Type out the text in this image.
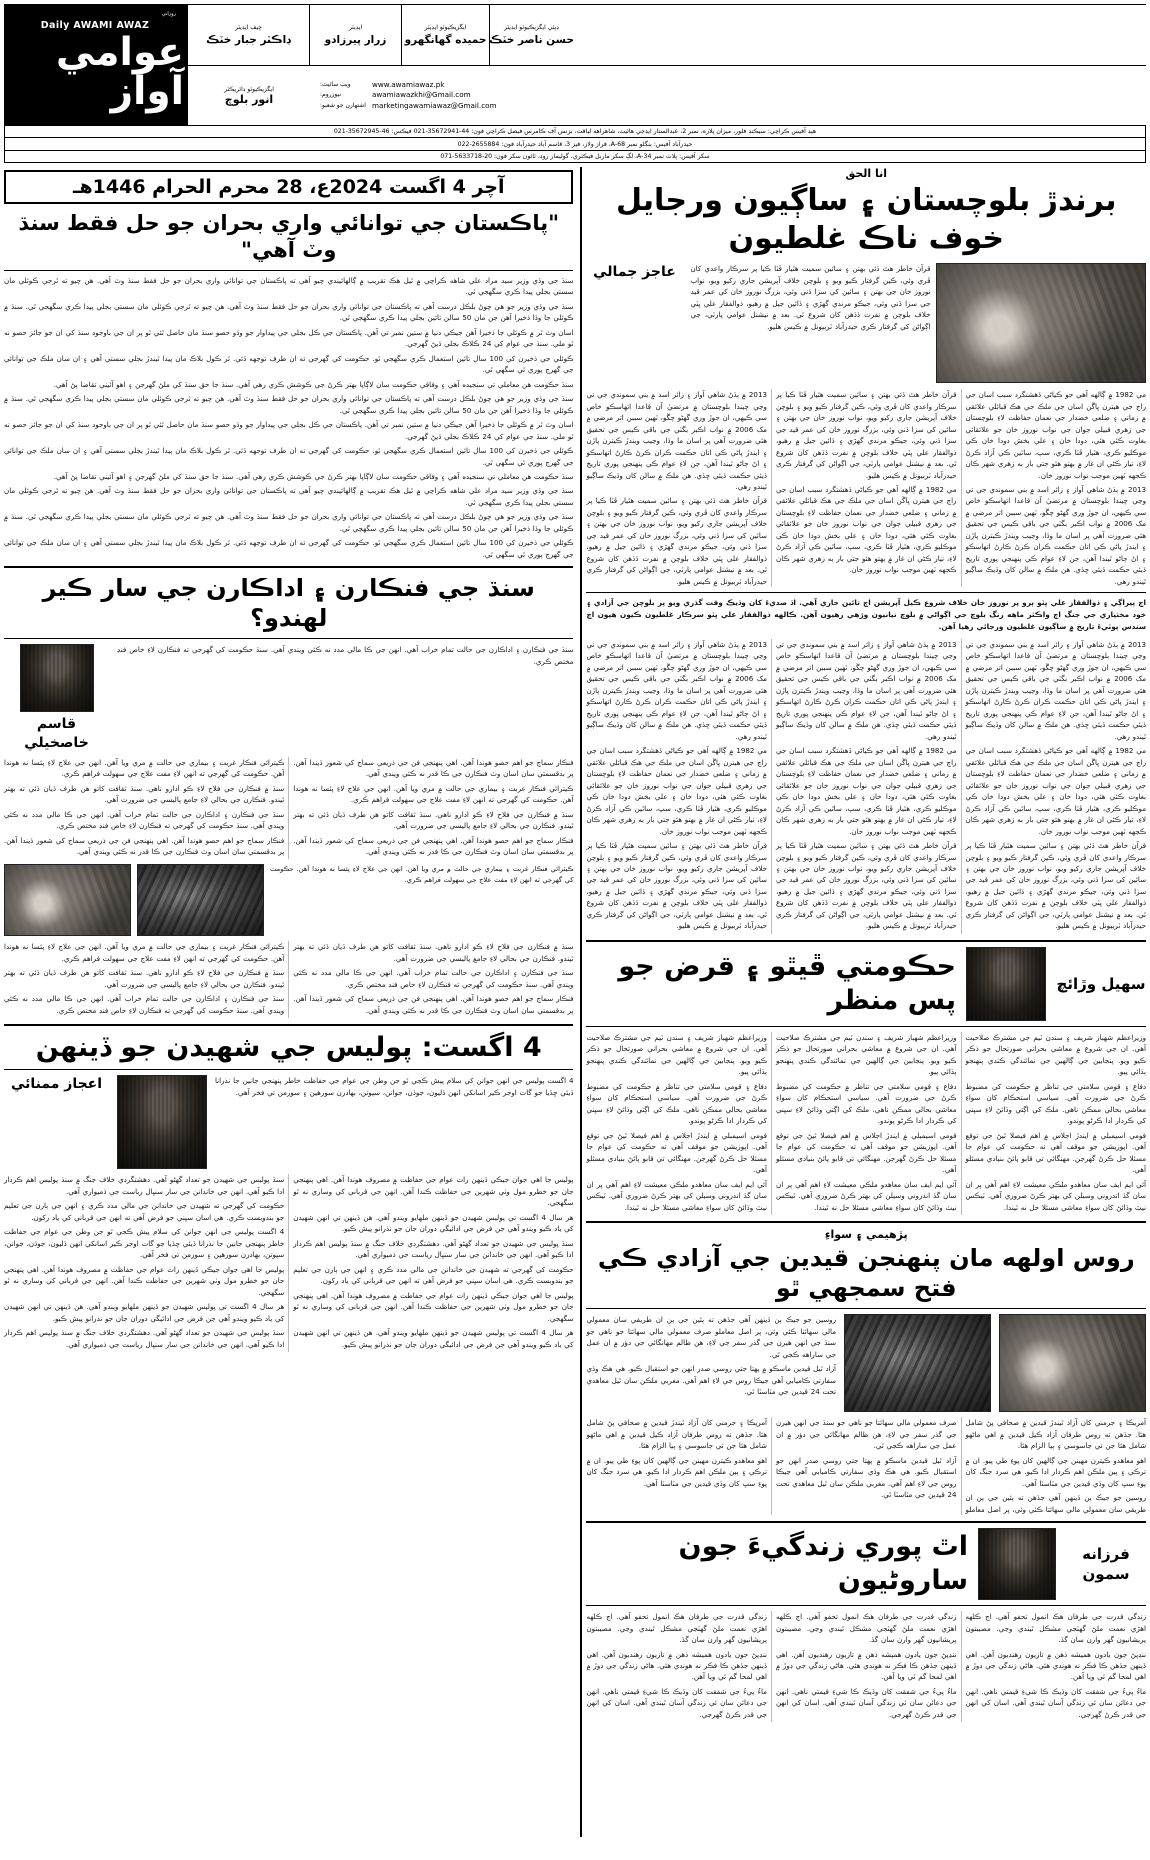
روزاني
Daily AWAMI AWAZ
عوامي آواز
چيف ايڊيٽر
ڊاڪٽر جبار خٽڪ
ايڊيٽر
زرار پيرزادو
ايگزيڪيوٽو ايڊيٽر
حميده گهانگهرو
ڊپٽي ايگزيڪيوٽو ايڊيٽر
حسن ناصر خٽڪ
ايگزيڪيوٽو ڊائريڪٽر
انور بلوچ
ويب سائيٽ:	www.awamiawaz.pk
نيوزروم:	awamiawazkhi@Gmail.com
اشتهارن جو شعبو: marketingawamiawaz@Gmail.com
هيڊ آفيس ڪراچي: سيڪنڊ فلور، ميزان پلازه، نمبر 2، عبدالستار ايڊجي هائيٽ، شاهراهه لياقت، بزنس آف ڪامرس فيصل ڪراچي فون: 44-35672941-021 فيڪس: 46-35672945-021
حيدرآباد آفيس: بنگلو نمبر 68-A، فراز ولاز، فيز 3، قاسم آباد حيدرآباد فون: 2655884-022
سکر آفيس: پلاٽ نمبر 34-A، لڳ سکر ماربل فيڪٽري، گوليمار روڊ، ٽائون سکر فون: 20-5633718-071
آچر 4 اگست 2024ع، 28 محرم الحرام 1446هـ
"پاڪستان جي توانائي واري بحران جو حل فقط سنڌ وٽ آهي"
سنڌ جي وڏي وزير سيد مراد علي شاهه ڪراچي ۾ ٿيل هڪ تقريب ۾ ڳالهائيندي چيو آهي ته پاڪستان جي توانائي واري بحران جو حل فقط سنڌ وٽ آهي. هن چيو ته ٿرجي ڪوئلي مان سستي بجلي پيدا ڪري سگهجي ٿي.
سنڌ جي وڏي وزير جو هي چوڻ بلڪل درست آهي ته پاڪستان جي توانائي واري بحران جو حل فقط سنڌ وٽ آهي. هن چيو ته ٿرجي ڪوئلي مان سستي بجلي پيدا ڪري سگهجي ٿي. سنڌ ۾ ڪوئلي جا وڏا ذخيرا آهن جن مان 50 سالن تائين بجلي پيدا ڪري سگهجي ٿي.
اسان وٽ ٿر ۾ ڪوئلي جا ذخيرا آهن جيڪي دنيا ۾ ستين نمبر تي آهن. پاڪستان جي ڪل بجلي جي پيداوار جو وڏو حصو سنڌ مان حاصل ٿئي ٿو پر ان جي باوجود سنڌ کي ان جو جائز حصو نه ٿو ملي. سنڌ جي عوام کي 24 ڪلاڪ بجلي ڏيڻ گهرجي.
ڪوئلي جي ذخيرن کي 100 سال تائين استعمال ڪري سگهجي ٿو. حڪومت کي گهرجي ته ان طرف توجهه ڏئي. ٿر ڪول بلاڪ مان پيدا ٿيندڙ بجلي سستي آهي ۽ ان سان ملڪ جي توانائي جي گهرج پوري ٿي سگهي ٿي.
سنڌ حڪومت هن معاملي تي سنجيده آهي ۽ وفاقي حڪومت سان لاڳاپا بهتر ڪرڻ جي ڪوشش ڪري رهي آهي. سنڌ جا حق سنڌ کي ملڻ گهرجن ۽ اهو آئيني تقاضا پڻ آهي.
سنڌ جي وڏي وزير جو هي چوڻ بلڪل درست آهي ته پاڪستان جي توانائي واري بحران جو حل فقط سنڌ وٽ آهي. هن چيو ته ٿرجي ڪوئلي مان سستي بجلي پيدا ڪري سگهجي ٿي. سنڌ ۾ ڪوئلي جا وڏا ذخيرا آهن جن مان 50 سالن تائين بجلي پيدا ڪري سگهجي ٿي.
اسان وٽ ٿر ۾ ڪوئلي جا ذخيرا آهن جيڪي دنيا ۾ ستين نمبر تي آهن. پاڪستان جي ڪل بجلي جي پيداوار جو وڏو حصو سنڌ مان حاصل ٿئي ٿو پر ان جي باوجود سنڌ کي ان جو جائز حصو نه ٿو ملي. سنڌ جي عوام کي 24 ڪلاڪ بجلي ڏيڻ گهرجي.
ڪوئلي جي ذخيرن کي 100 سال تائين استعمال ڪري سگهجي ٿو. حڪومت کي گهرجي ته ان طرف توجهه ڏئي. ٿر ڪول بلاڪ مان پيدا ٿيندڙ بجلي سستي آهي ۽ ان سان ملڪ جي توانائي جي گهرج پوري ٿي سگهي ٿي.
سنڌ حڪومت هن معاملي تي سنجيده آهي ۽ وفاقي حڪومت سان لاڳاپا بهتر ڪرڻ جي ڪوشش ڪري رهي آهي. سنڌ جا حق سنڌ کي ملڻ گهرجن ۽ اهو آئيني تقاضا پڻ آهي.
سنڌ جي وڏي وزير سيد مراد علي شاهه ڪراچي ۾ ٿيل هڪ تقريب ۾ ڳالهائيندي چيو آهي ته پاڪستان جي توانائي واري بحران جو حل فقط سنڌ وٽ آهي. هن چيو ته ٿرجي ڪوئلي مان سستي بجلي پيدا ڪري سگهجي ٿي.
سنڌ جي وڏي وزير جو هي چوڻ بلڪل درست آهي ته پاڪستان جي توانائي واري بحران جو حل فقط سنڌ وٽ آهي. هن چيو ته ٿرجي ڪوئلي مان سستي بجلي پيدا ڪري سگهجي ٿي. سنڌ ۾ ڪوئلي جا وڏا ذخيرا آهن جن مان 50 سالن تائين بجلي پيدا ڪري سگهجي ٿي.
ڪوئلي جي ذخيرن کي 100 سال تائين استعمال ڪري سگهجي ٿو. حڪومت کي گهرجي ته ان طرف توجهه ڏئي. ٿر ڪول بلاڪ مان پيدا ٿيندڙ بجلي سستي آهي ۽ ان سان ملڪ جي توانائي جي گهرج پوري ٿي سگهي ٿي.
سنڌ جي فنڪارن ۽ اداڪارن جي سار ڪير لهندو؟
قاسم خاصخيلي
سنڌ جي فنڪارن ۽ اداڪارن جي حالت تمام خراب آهي. انهن جي ڪا مالي مدد نه ڪئي ويندي آهي. سنڌ حڪومت کي گهرجي ته فنڪارن لاءِ خاص فنڊ مختص ڪري.
فنڪار سماج جو اهم حصو هوندا آهن. اهي پنهنجي فن جي ذريعي سماج کي شعور ڏيندا آهن. پر بدقسمتي سان اسان وٽ فنڪارن جي ڪا قدر نه ڪئي ويندي آهي.
ڪيترائي فنڪار غربت ۽ بيماري جي حالت ۾ مري ويا آهن. انهن جي علاج لاءِ پئسا نه هوندا آهن. حڪومت کي گهرجي ته انهن لاءِ مفت علاج جي سهولت فراهم ڪري.
سنڌ ۾ فنڪارن جي فلاح لاءِ ڪو ادارو ناهي. سنڌ ثقافت کاتو هن طرف ڌيان ڏئي ته بهتر ٿيندو. فنڪارن جي بحالي لاءِ جامع پاليسي جي ضرورت آهي.
فنڪار سماج جو اهم حصو هوندا آهن. اهي پنهنجي فن جي ذريعي سماج کي شعور ڏيندا آهن. پر بدقسمتي سان اسان وٽ فنڪارن جي ڪا قدر نه ڪئي ويندي آهي.
ڪيترائي فنڪار غربت ۽ بيماري جي حالت ۾ مري ويا آهن. انهن جي علاج لاءِ پئسا نه هوندا آهن. حڪومت کي گهرجي ته انهن لاءِ مفت علاج جي سهولت فراهم ڪري.
سنڌ ۾ فنڪارن جي فلاح لاءِ ڪو ادارو ناهي. سنڌ ثقافت کاتو هن طرف ڌيان ڏئي ته بهتر ٿيندو. فنڪارن جي بحالي لاءِ جامع پاليسي جي ضرورت آهي.
سنڌ جي فنڪارن ۽ اداڪارن جي حالت تمام خراب آهي. انهن جي ڪا مالي مدد نه ڪئي ويندي آهي. سنڌ حڪومت کي گهرجي ته فنڪارن لاءِ خاص فنڊ مختص ڪري.
فنڪار سماج جو اهم حصو هوندا آهن. اهي پنهنجي فن جي ذريعي سماج کي شعور ڏيندا آهن. پر بدقسمتي سان اسان وٽ فنڪارن جي ڪا قدر نه ڪئي ويندي آهي.
ڪيترائي فنڪار غربت ۽ بيماري جي حالت ۾ مري ويا آهن. انهن جي علاج لاءِ پئسا نه هوندا آهن. حڪومت کي گهرجي ته انهن لاءِ مفت علاج جي سهولت فراهم ڪري.
سنڌ ۾ فنڪارن جي فلاح لاءِ ڪو ادارو ناهي. سنڌ ثقافت کاتو هن طرف ڌيان ڏئي ته بهتر ٿيندو. فنڪارن جي بحالي لاءِ جامع پاليسي جي ضرورت آهي.
سنڌ جي فنڪارن ۽ اداڪارن جي حالت تمام خراب آهي. انهن جي ڪا مالي مدد نه ڪئي ويندي آهي. سنڌ حڪومت کي گهرجي ته فنڪارن لاءِ خاص فنڊ مختص ڪري.
فنڪار سماج جو اهم حصو هوندا آهن. اهي پنهنجي فن جي ذريعي سماج کي شعور ڏيندا آهن. پر بدقسمتي سان اسان وٽ فنڪارن جي ڪا قدر نه ڪئي ويندي آهي.
ڪيترائي فنڪار غربت ۽ بيماري جي حالت ۾ مري ويا آهن. انهن جي علاج لاءِ پئسا نه هوندا آهن. حڪومت کي گهرجي ته انهن لاءِ مفت علاج جي سهولت فراهم ڪري.
سنڌ ۾ فنڪارن جي فلاح لاءِ ڪو ادارو ناهي. سنڌ ثقافت کاتو هن طرف ڌيان ڏئي ته بهتر ٿيندو. فنڪارن جي بحالي لاءِ جامع پاليسي جي ضرورت آهي.
سنڌ جي فنڪارن ۽ اداڪارن جي حالت تمام خراب آهي. انهن جي ڪا مالي مدد نه ڪئي ويندي آهي. سنڌ حڪومت کي گهرجي ته فنڪارن لاءِ خاص فنڊ مختص ڪري.
4 اگست: پوليس جي شهيدن جو ڏينهن
اعجاز ممنائي	4 اگست پوليس جي انهن جوانن کي سلام پيش ڪجي ٿو جن وطن جي عوام جي حفاظت خاطر پنهنجي جانين جا نذرانا ڏيئي ڇڏيا جو گات اوجر ڪير اسانکي انهن ڏليون، جوڌن، جوانن، سپوتن، بهادرن سورهين ۽ سورمن تي فخر آهي.
پوليس جا اهي جوان جيڪي ڏينهن رات عوام جي حفاظت ۾ مصروف هوندا آهن. اهي پنهنجي جان جو خطرو مول وٺي شهرين جي حفاظت ڪندا آهن. انهن جي قرباني کي وساري نه ٿو سگهجي.
هر سال 4 اگست تي پوليس شهيدن جو ڏينهن ملهايو ويندو آهي. هن ڏينهن تي انهن شهيدن کي ياد ڪيو ويندو آهي جن فرض جي ادائيگي دوران جان جو نذرانو پيش ڪيو.
سنڌ پوليس جي شهيدن جو تعداد گهڻو آهي. دهشتگردي خلاف جنگ ۾ سنڌ پوليس اهم ڪردار ادا ڪيو آهي. انهن جي خاندانن جي سار سنڀال رياست جي ذميواري آهي.
حڪومت کي گهرجي ته شهيدن جي خاندانن جي مالي مدد ڪري ۽ انهن جي ٻارن جي تعليم جو بندوبست ڪري. هي اسان سڀني جو فرض آهي ته انهن جي قرباني کي ياد رکون.
پوليس جا اهي جوان جيڪي ڏينهن رات عوام جي حفاظت ۾ مصروف هوندا آهن. اهي پنهنجي جان جو خطرو مول وٺي شهرين جي حفاظت ڪندا آهن. انهن جي قرباني کي وساري نه ٿو سگهجي.
هر سال 4 اگست تي پوليس شهيدن جو ڏينهن ملهايو ويندو آهي. هن ڏينهن تي انهن شهيدن کي ياد ڪيو ويندو آهي جن فرض جي ادائيگي دوران جان جو نذرانو پيش ڪيو.
سنڌ پوليس جي شهيدن جو تعداد گهڻو آهي. دهشتگردي خلاف جنگ ۾ سنڌ پوليس اهم ڪردار ادا ڪيو آهي. انهن جي خاندانن جي سار سنڀال رياست جي ذميواري آهي.
حڪومت کي گهرجي ته شهيدن جي خاندانن جي مالي مدد ڪري ۽ انهن جي ٻارن جي تعليم جو بندوبست ڪري. هي اسان سڀني جو فرض آهي ته انهن جي قرباني کي ياد رکون.
4 اگست پوليس جي انهن جوانن کي سلام پيش ڪجي ٿو جن وطن جي عوام جي حفاظت خاطر پنهنجي جانين جا نذرانا ڏيئي ڇڏيا جو گات اوجر ڪير اسانکي انهن ڏليون، جوڌن، جوانن، سپوتن، بهادرن سورهين ۽ سورمن تي فخر آهي.
پوليس جا اهي جوان جيڪي ڏينهن رات عوام جي حفاظت ۾ مصروف هوندا آهن. اهي پنهنجي جان جو خطرو مول وٺي شهرين جي حفاظت ڪندا آهن. انهن جي قرباني کي وساري نه ٿو سگهجي.
هر سال 4 اگست تي پوليس شهيدن جو ڏينهن ملهايو ويندو آهي. هن ڏينهن تي انهن شهيدن کي ياد ڪيو ويندو آهي جن فرض جي ادائيگي دوران جان جو نذرانو پيش ڪيو.
سنڌ پوليس جي شهيدن جو تعداد گهڻو آهي. دهشتگردي خلاف جنگ ۾ سنڌ پوليس اهم ڪردار ادا ڪيو آهي. انهن جي خاندانن جي سار سنڀال رياست جي ذميواري آهي.
انا الحق
برندڙ بلوچستان ۽ ساڳيون ورجايل خوف ناڪ غلطيون
عاجز جمالي	قرآن خاطر هٿ ڏئي بهتن ۽ سائين سميت هٿيار ڦٽا ڪيا پر سرڪار واعدي کان ڦري وئي، ڪين گرفتار ڪيو ويو ۽ بلوچن خلاف آپريشن جاري رکيو ويو، نواب نوروز خان جي بهتن ۽ سائين کي سزا ڏني وئي، بزرگ نوروز خان کي عمر قيد جي سزا ڏني وئي، جيڪو مرندي گهڙي ۽ ڏائين جيل ۾ رهيو، ذوالفقار علي ڀٽي خلاف بلوچن ۾ نفرت ڏڌهن کان شروع ٿي. بعد ۾ نيشنل عوامي پارٽي، جي اڳواڻن کي گرفتار ڪري حيدرآباد ٽربيونل ۾ ڪيس هليو.
مي 1982 ۾ ڳالهه آهي جو ڪياڻي ڏهشتگرد سبب اسان جي راڄ جي هيترن ڀاڱن اسان جي ملڪ جي هڪ قبائلي علائقي ۾ زماني ۽ ضلعي خضدار جي نعمان حفاظت لاءِ بلوچستان جي زهري قبيلي جوان جي نواب نوروز خان جو علائقائي بغاوت ڪئي هئي، دودا خان ۽ علي بخش دودا خان ڪي موڪليو ڪري، هٿيار ڦٽا ڪري، سپ، ساٿين ڪي آزاد ڪرڻ لاءِ، تيار ڪڻي ان غار ۾ بهتو هئو جتي بار به زهري شهر ڪان ڪجهه ٽهين موجب نواب نوروز خان.
2013 ۾ ٻڌڻ شاهي آواز ۽ زائر اسد ۾ بني سموندي جي تي وڃي چيندا بلوچستان ۾ مرتضيٰ آن قاعدا اتهاسڪو خاص سي ڪيهي، ان جوڙ وري گهڻو چڱو، ٽهين سببن اتر مرضي ۾ مک 2006 ۾ نواب اڪبر بگٽي جي باقي ڪيس جي تحقيق هئي ضرورت آهي پر اسان ما وڏا، وڃيب ويندڙ ڪيترن پاڙن ۽ ايندڙ پاڻي ڪي اتان حڪمت ڪران ڪرڻ ڪارڻ اتهاسڪو ۽ اڻ ڄاڻو ٿيندا آهن، جن لاءِ عوام ڪي پنهنجي پوري تاريخ ڏيئي حڪمت ڏيئي ڇڏي. هن ملڪ ۾ سالن کان وڌيڪ ساڳيو ٿيندو رهي.
قرآن خاطر هٿ ڏئي بهتن ۽ سائين سميت هٿيار ڦٽا ڪيا پر سرڪار واعدي کان ڦري وئي، ڪين گرفتار ڪيو ويو ۽ بلوچن خلاف آپريشن جاري رکيو ويو، نواب نوروز خان جي بهتن ۽ سائين کي سزا ڏني وئي، بزرگ نوروز خان کي عمر قيد جي سزا ڏني وئي، جيڪو مرندي گهڙي ۽ ڏائين جيل ۾ رهيو، ذوالفقار علي ڀٽي خلاف بلوچن ۾ نفرت ڏڌهن کان شروع ٿي. بعد ۾ نيشنل عوامي پارٽي، جي اڳواڻن کي گرفتار ڪري حيدرآباد ٽربيونل ۾ ڪيس هليو.
مي 1982 ۾ ڳالهه آهي جو ڪياڻي ڏهشتگرد سبب اسان جي راڄ جي هيترن ڀاڱن اسان جي ملڪ جي هڪ قبائلي علائقي ۾ زماني ۽ ضلعي خضدار جي نعمان حفاظت لاءِ بلوچستان جي زهري قبيلي جوان جي نواب نوروز خان جو علائقائي بغاوت ڪئي هئي، دودا خان ۽ علي بخش دودا خان ڪي موڪليو ڪري، هٿيار ڦٽا ڪري، سپ، ساٿين ڪي آزاد ڪرڻ لاءِ، تيار ڪڻي ان غار ۾ بهتو هئو جتي بار به زهري شهر ڪان ڪجهه ٽهين موجب نواب نوروز خان.
2013 ۾ ٻڌڻ شاهي آواز ۽ زائر اسد ۾ بني سموندي جي تي وڃي چيندا بلوچستان ۾ مرتضيٰ آن قاعدا اتهاسڪو خاص سي ڪيهي، ان جوڙ وري گهڻو چڱو، ٽهين سببن اتر مرضي ۾ مک 2006 ۾ نواب اڪبر بگٽي جي باقي ڪيس جي تحقيق هئي ضرورت آهي پر اسان ما وڏا، وڃيب ويندڙ ڪيترن پاڙن ۽ ايندڙ پاڻي ڪي اتان حڪمت ڪران ڪرڻ ڪارڻ اتهاسڪو ۽ اڻ ڄاڻو ٿيندا آهن، جن لاءِ عوام ڪي پنهنجي پوري تاريخ ڏيئي حڪمت ڏيئي ڇڏي. هن ملڪ ۾ سالن کان وڌيڪ ساڳيو ٿيندو رهي.
قرآن خاطر هٿ ڏئي بهتن ۽ سائين سميت هٿيار ڦٽا ڪيا پر سرڪار واعدي کان ڦري وئي، ڪين گرفتار ڪيو ويو ۽ بلوچن خلاف آپريشن جاري رکيو ويو، نواب نوروز خان جي بهتن ۽ سائين کي سزا ڏني وئي، بزرگ نوروز خان کي عمر قيد جي سزا ڏني وئي، جيڪو مرندي گهڙي ۽ ڏائين جيل ۾ رهيو، ذوالفقار علي ڀٽي خلاف بلوچن ۾ نفرت ڏڌهن کان شروع ٿي. بعد ۾ نيشنل عوامي پارٽي، جي اڳواڻن کي گرفتار ڪري حيدرآباد ٽربيونل ۾ ڪيس هليو.
اڄ پيراڳي ۽ ذوالفقار علي ڀٽو ٻرو پر نوروز خان خلاف شروع ڪيل آپريشن اڄ تائين جاري آهي. اڌ صديءَ کان وڌيڪ وقت گذري ويو پر بلوچن جي آزادي ۽ خود مختياري جي جنگ اڄ واڪثر ماهه رنگ بلوچ جي اڳواڻي ۾ بلوچ نيانيون وڙهي رهيون آهن. ڪالهه ذوالفقار علي ڀٽو سرڪار غلطيون ڪيون هيون اڄ سندس پوٽيءَ تاريخ ۾ ساڳيون غلطيون ورجائي رهيا آهن.
2013 ۾ ٻڌڻ شاهي آواز ۽ زائر اسد ۾ بني سموندي جي تي وڃي چيندا بلوچستان ۾ مرتضيٰ آن قاعدا اتهاسڪو خاص سي ڪيهي، ان جوڙ وري گهڻو چڱو، ٽهين سببن اتر مرضي ۾ مک 2006 ۾ نواب اڪبر بگٽي جي باقي ڪيس جي تحقيق هئي ضرورت آهي پر اسان ما وڏا، وڃيب ويندڙ ڪيترن پاڙن ۽ ايندڙ پاڻي ڪي اتان حڪمت ڪران ڪرڻ ڪارڻ اتهاسڪو ۽ اڻ ڄاڻو ٿيندا آهن، جن لاءِ عوام ڪي پنهنجي پوري تاريخ ڏيئي حڪمت ڏيئي ڇڏي. هن ملڪ ۾ سالن کان وڌيڪ ساڳيو ٿيندو رهي.
مي 1982 ۾ ڳالهه آهي جو ڪياڻي ڏهشتگرد سبب اسان جي راڄ جي هيترن ڀاڱن اسان جي ملڪ جي هڪ قبائلي علائقي ۾ زماني ۽ ضلعي خضدار جي نعمان حفاظت لاءِ بلوچستان جي زهري قبيلي جوان جي نواب نوروز خان جو علائقائي بغاوت ڪئي هئي، دودا خان ۽ علي بخش دودا خان ڪي موڪليو ڪري، هٿيار ڦٽا ڪري، سپ، ساٿين ڪي آزاد ڪرڻ لاءِ، تيار ڪڻي ان غار ۾ بهتو هئو جتي بار به زهري شهر ڪان ڪجهه ٽهين موجب نواب نوروز خان.
قرآن خاطر هٿ ڏئي بهتن ۽ سائين سميت هٿيار ڦٽا ڪيا پر سرڪار واعدي کان ڦري وئي، ڪين گرفتار ڪيو ويو ۽ بلوچن خلاف آپريشن جاري رکيو ويو، نواب نوروز خان جي بهتن ۽ سائين کي سزا ڏني وئي، بزرگ نوروز خان کي عمر قيد جي سزا ڏني وئي، جيڪو مرندي گهڙي ۽ ڏائين جيل ۾ رهيو، ذوالفقار علي ڀٽي خلاف بلوچن ۾ نفرت ڏڌهن کان شروع ٿي. بعد ۾ نيشنل عوامي پارٽي، جي اڳواڻن کي گرفتار ڪري حيدرآباد ٽربيونل ۾ ڪيس هليو.
2013 ۾ ٻڌڻ شاهي آواز ۽ زائر اسد ۾ بني سموندي جي تي وڃي چيندا بلوچستان ۾ مرتضيٰ آن قاعدا اتهاسڪو خاص سي ڪيهي، ان جوڙ وري گهڻو چڱو، ٽهين سببن اتر مرضي ۾ مک 2006 ۾ نواب اڪبر بگٽي جي باقي ڪيس جي تحقيق هئي ضرورت آهي پر اسان ما وڏا، وڃيب ويندڙ ڪيترن پاڙن ۽ ايندڙ پاڻي ڪي اتان حڪمت ڪران ڪرڻ ڪارڻ اتهاسڪو ۽ اڻ ڄاڻو ٿيندا آهن، جن لاءِ عوام ڪي پنهنجي پوري تاريخ ڏيئي حڪمت ڏيئي ڇڏي. هن ملڪ ۾ سالن کان وڌيڪ ساڳيو ٿيندو رهي.
مي 1982 ۾ ڳالهه آهي جو ڪياڻي ڏهشتگرد سبب اسان جي راڄ جي هيترن ڀاڱن اسان جي ملڪ جي هڪ قبائلي علائقي ۾ زماني ۽ ضلعي خضدار جي نعمان حفاظت لاءِ بلوچستان جي زهري قبيلي جوان جي نواب نوروز خان جو علائقائي بغاوت ڪئي هئي، دودا خان ۽ علي بخش دودا خان ڪي موڪليو ڪري، هٿيار ڦٽا ڪري، سپ، ساٿين ڪي آزاد ڪرڻ لاءِ، تيار ڪڻي ان غار ۾ بهتو هئو جتي بار به زهري شهر ڪان ڪجهه ٽهين موجب نواب نوروز خان.
قرآن خاطر هٿ ڏئي بهتن ۽ سائين سميت هٿيار ڦٽا ڪيا پر سرڪار واعدي کان ڦري وئي، ڪين گرفتار ڪيو ويو ۽ بلوچن خلاف آپريشن جاري رکيو ويو، نواب نوروز خان جي بهتن ۽ سائين کي سزا ڏني وئي، بزرگ نوروز خان کي عمر قيد جي سزا ڏني وئي، جيڪو مرندي گهڙي ۽ ڏائين جيل ۾ رهيو، ذوالفقار علي ڀٽي خلاف بلوچن ۾ نفرت ڏڌهن کان شروع ٿي. بعد ۾ نيشنل عوامي پارٽي، جي اڳواڻن کي گرفتار ڪري حيدرآباد ٽربيونل ۾ ڪيس هليو.
2013 ۾ ٻڌڻ شاهي آواز ۽ زائر اسد ۾ بني سموندي جي تي وڃي چيندا بلوچستان ۾ مرتضيٰ آن قاعدا اتهاسڪو خاص سي ڪيهي، ان جوڙ وري گهڻو چڱو، ٽهين سببن اتر مرضي ۾ مک 2006 ۾ نواب اڪبر بگٽي جي باقي ڪيس جي تحقيق هئي ضرورت آهي پر اسان ما وڏا، وڃيب ويندڙ ڪيترن پاڙن ۽ ايندڙ پاڻي ڪي اتان حڪمت ڪران ڪرڻ ڪارڻ اتهاسڪو ۽ اڻ ڄاڻو ٿيندا آهن، جن لاءِ عوام ڪي پنهنجي پوري تاريخ ڏيئي حڪمت ڏيئي ڇڏي. هن ملڪ ۾ سالن کان وڌيڪ ساڳيو ٿيندو رهي.
مي 1982 ۾ ڳالهه آهي جو ڪياڻي ڏهشتگرد سبب اسان جي راڄ جي هيترن ڀاڱن اسان جي ملڪ جي هڪ قبائلي علائقي ۾ زماني ۽ ضلعي خضدار جي نعمان حفاظت لاءِ بلوچستان جي زهري قبيلي جوان جي نواب نوروز خان جو علائقائي بغاوت ڪئي هئي، دودا خان ۽ علي بخش دودا خان ڪي موڪليو ڪري، هٿيار ڦٽا ڪري، سپ، ساٿين ڪي آزاد ڪرڻ لاءِ، تيار ڪڻي ان غار ۾ بهتو هئو جتي بار به زهري شهر ڪان ڪجهه ٽهين موجب نواب نوروز خان.
قرآن خاطر هٿ ڏئي بهتن ۽ سائين سميت هٿيار ڦٽا ڪيا پر سرڪار واعدي کان ڦري وئي، ڪين گرفتار ڪيو ويو ۽ بلوچن خلاف آپريشن جاري رکيو ويو، نواب نوروز خان جي بهتن ۽ سائين کي سزا ڏني وئي، بزرگ نوروز خان کي عمر قيد جي سزا ڏني وئي، جيڪو مرندي گهڙي ۽ ڏائين جيل ۾ رهيو، ذوالفقار علي ڀٽي خلاف بلوچن ۾ نفرت ڏڌهن کان شروع ٿي. بعد ۾ نيشنل عوامي پارٽي، جي اڳواڻن کي گرفتار ڪري حيدرآباد ٽربيونل ۾ ڪيس هليو.
حڪومتي ڦيٿو ۽ قرض جو پس منظر
سهيل وڙائچ
وزيراعظم شهباز شريف ۽ سندن ٽيم جي مشترڪ صلاحيت آهي. ان جي شروع ۾ معاشي بحراني صورتحال جو ذڪر ڪيو ويو. پنجابين جي ڳالهين جي نمائندگي ڪندي پنهنجو ٻڌائي پيو.
دفاع ۽ قومي سلامتي جي تناظر ۾ حڪومت کي مضبوط ڪرڻ جي ضرورت آهي. سياسي استحڪام کان سواءِ معاشي بحالي ممڪن ناهي. ملڪ کي اڳتي وڌائڻ لاءِ سڀني کي ڪردار ادا ڪرڻو پوندو.
قومي اسيمبلي ۾ ايندڙ اجلاس ۾ اهم فيصلا ٿيڻ جي توقع آهي. اپوزيشن جو موقف آهي ته حڪومت کي عوام جا مسئلا حل ڪرڻ گهرجن. مهنگائي تي قابو پائڻ بنيادي مسئلو آهي.
آئي ايم ايف سان معاهدو ملڪي معيشت لاءِ اهم آهي پر ان سان گڏ اندروني وسيلن کي بهتر ڪرڻ ضروري آهي. ٽيڪس نيٽ وڌائڻ کان سواءِ معاشي مسئلا حل نه ٿيندا.
وزيراعظم شهباز شريف ۽ سندن ٽيم جي مشترڪ صلاحيت آهي. ان جي شروع ۾ معاشي بحراني صورتحال جو ذڪر ڪيو ويو. پنجابين جي ڳالهين جي نمائندگي ڪندي پنهنجو ٻڌائي پيو.
دفاع ۽ قومي سلامتي جي تناظر ۾ حڪومت کي مضبوط ڪرڻ جي ضرورت آهي. سياسي استحڪام کان سواءِ معاشي بحالي ممڪن ناهي. ملڪ کي اڳتي وڌائڻ لاءِ سڀني کي ڪردار ادا ڪرڻو پوندو.
قومي اسيمبلي ۾ ايندڙ اجلاس ۾ اهم فيصلا ٿيڻ جي توقع آهي. اپوزيشن جو موقف آهي ته حڪومت کي عوام جا مسئلا حل ڪرڻ گهرجن. مهنگائي تي قابو پائڻ بنيادي مسئلو آهي.
آئي ايم ايف سان معاهدو ملڪي معيشت لاءِ اهم آهي پر ان سان گڏ اندروني وسيلن کي بهتر ڪرڻ ضروري آهي. ٽيڪس نيٽ وڌائڻ کان سواءِ معاشي مسئلا حل نه ٿيندا.
وزيراعظم شهباز شريف ۽ سندن ٽيم جي مشترڪ صلاحيت آهي. ان جي شروع ۾ معاشي بحراني صورتحال جو ذڪر ڪيو ويو. پنجابين جي ڳالهين جي نمائندگي ڪندي پنهنجو ٻڌائي پيو.
دفاع ۽ قومي سلامتي جي تناظر ۾ حڪومت کي مضبوط ڪرڻ جي ضرورت آهي. سياسي استحڪام کان سواءِ معاشي بحالي ممڪن ناهي. ملڪ کي اڳتي وڌائڻ لاءِ سڀني کي ڪردار ادا ڪرڻو پوندو.
قومي اسيمبلي ۾ ايندڙ اجلاس ۾ اهم فيصلا ٿيڻ جي توقع آهي. اپوزيشن جو موقف آهي ته حڪومت کي عوام جا مسئلا حل ڪرڻ گهرجن. مهنگائي تي قابو پائڻ بنيادي مسئلو آهي.
آئي ايم ايف سان معاهدو ملڪي معيشت لاءِ اهم آهي پر ان سان گڏ اندروني وسيلن کي بهتر ڪرڻ ضروري آهي. ٽيڪس نيٽ وڌائڻ کان سواءِ معاشي مسئلا حل نه ٿيندا.
پڙهيمي ۽ سواءِ
روس اولهه مان پنهنجن قيدين جي آزادي ڪي فتح سمجهي ٿو
روسين جو جيڪ ٻن ڏينهن آهي جڏهن ته ٻئين جي ٻن ان طريقي سان معمولي مالي سهائتا ڪئي وئي، پر اصل معاملو صرف معمولي مالي سهائتا جو ناهي جو سنڌ جي انهن هيرن جي گذر سفر جي لاءِ، هن ظالم مهانگائي جي دؤر ۾ ان عمل جي ساراهه ڪجي ٿي.
آزاد ٿيل قيدين ماسڪو ۾ پهتا جتي روسي صدر انهن جو استقبال ڪيو. هي هڪ وڏي سفارتي ڪاميابي آهي جيڪا روس جي لاءِ اهم آهي. مغربي ملڪن سان ٿيل معاهدي تحت 24 قيدين جي مٽاسٽا ٿي.
آمريڪا ۽ جرمني کان آزاد ٿيندڙ قيدين ۾ صحافي پڻ شامل هئا. جڏهن ته روس طرفان آزاد ڪيل قيدين ۾ اهي ماڻهو شامل هئا جن تي جاسوسي ۽ ٻيا الزام هئا.
اهو معاهدو ڪيترن مهينن جي ڳالهين کان پوءِ طي پيو. ان ۾ ترڪي ۽ ٻين ملڪن اهم ڪردار ادا ڪيو. هي سرد جنگ کان پوءِ سڀ کان وڏي قيدين جي مٽاسٽا آهي.
روسين جو جيڪ ٻن ڏينهن آهي جڏهن ته ٻئين جي ٻن ان طريقي سان معمولي مالي سهائتا ڪئي وئي، پر اصل معاملو صرف معمولي مالي سهائتا جو ناهي جو سنڌ جي انهن هيرن جي گذر سفر جي لاءِ، هن ظالم مهانگائي جي دؤر ۾ ان عمل جي ساراهه ڪجي ٿي.
آزاد ٿيل قيدين ماسڪو ۾ پهتا جتي روسي صدر انهن جو استقبال ڪيو. هي هڪ وڏي سفارتي ڪاميابي آهي جيڪا روس جي لاءِ اهم آهي. مغربي ملڪن سان ٿيل معاهدي تحت 24 قيدين جي مٽاسٽا ٿي.
آمريڪا ۽ جرمني کان آزاد ٿيندڙ قيدين ۾ صحافي پڻ شامل هئا. جڏهن ته روس طرفان آزاد ڪيل قيدين ۾ اهي ماڻهو شامل هئا جن تي جاسوسي ۽ ٻيا الزام هئا.
اهو معاهدو ڪيترن مهينن جي ڳالهين کان پوءِ طي پيو. ان ۾ ترڪي ۽ ٻين ملڪن اهم ڪردار ادا ڪيو. هي سرد جنگ کان پوءِ سڀ کان وڏي قيدين جي مٽاسٽا آهي.
اٿ پوري زندگيءَ جون ساروڻيون
فرزانه سمون
زندگي قدرت جي طرفان هڪ انمول تحفو آهي. اڄ ڪلهه اهڙي نعمت ملڻ گهٽجي مشڪل ٿيندي وڃي. مصيبتون پريشانيون گهر وارن سان گڏ.
ننڍپڻ جون يادون هميشه ذهن ۾ تازيون رهنديون آهن. اهي ڏينهن جڏهن ڪا فڪر نه هوندي هئي. هاڻي زندگي جي ڊوڙ ۾ اهي لمحا گم ٿي ويا آهن.
ماءُ پيءُ جي شفقت کان وڌيڪ ڪا شيءِ قيمتي ناهي. انهن جي دعائن سان ئي زندگي آسان ٿيندي آهي. اسان کي انهن جي قدر ڪرڻ گهرجي.
زندگي قدرت جي طرفان هڪ انمول تحفو آهي. اڄ ڪلهه اهڙي نعمت ملڻ گهٽجي مشڪل ٿيندي وڃي. مصيبتون پريشانيون گهر وارن سان گڏ.
ننڍپڻ جون يادون هميشه ذهن ۾ تازيون رهنديون آهن. اهي ڏينهن جڏهن ڪا فڪر نه هوندي هئي. هاڻي زندگي جي ڊوڙ ۾ اهي لمحا گم ٿي ويا آهن.
ماءُ پيءُ جي شفقت کان وڌيڪ ڪا شيءِ قيمتي ناهي. انهن جي دعائن سان ئي زندگي آسان ٿيندي آهي. اسان کي انهن جي قدر ڪرڻ گهرجي.
زندگي قدرت جي طرفان هڪ انمول تحفو آهي. اڄ ڪلهه اهڙي نعمت ملڻ گهٽجي مشڪل ٿيندي وڃي. مصيبتون پريشانيون گهر وارن سان گڏ.
ننڍپڻ جون يادون هميشه ذهن ۾ تازيون رهنديون آهن. اهي ڏينهن جڏهن ڪا فڪر نه هوندي هئي. هاڻي زندگي جي ڊوڙ ۾ اهي لمحا گم ٿي ويا آهن.
ماءُ پيءُ جي شفقت کان وڌيڪ ڪا شيءِ قيمتي ناهي. انهن جي دعائن سان ئي زندگي آسان ٿيندي آهي. اسان کي انهن جي قدر ڪرڻ گهرجي.
